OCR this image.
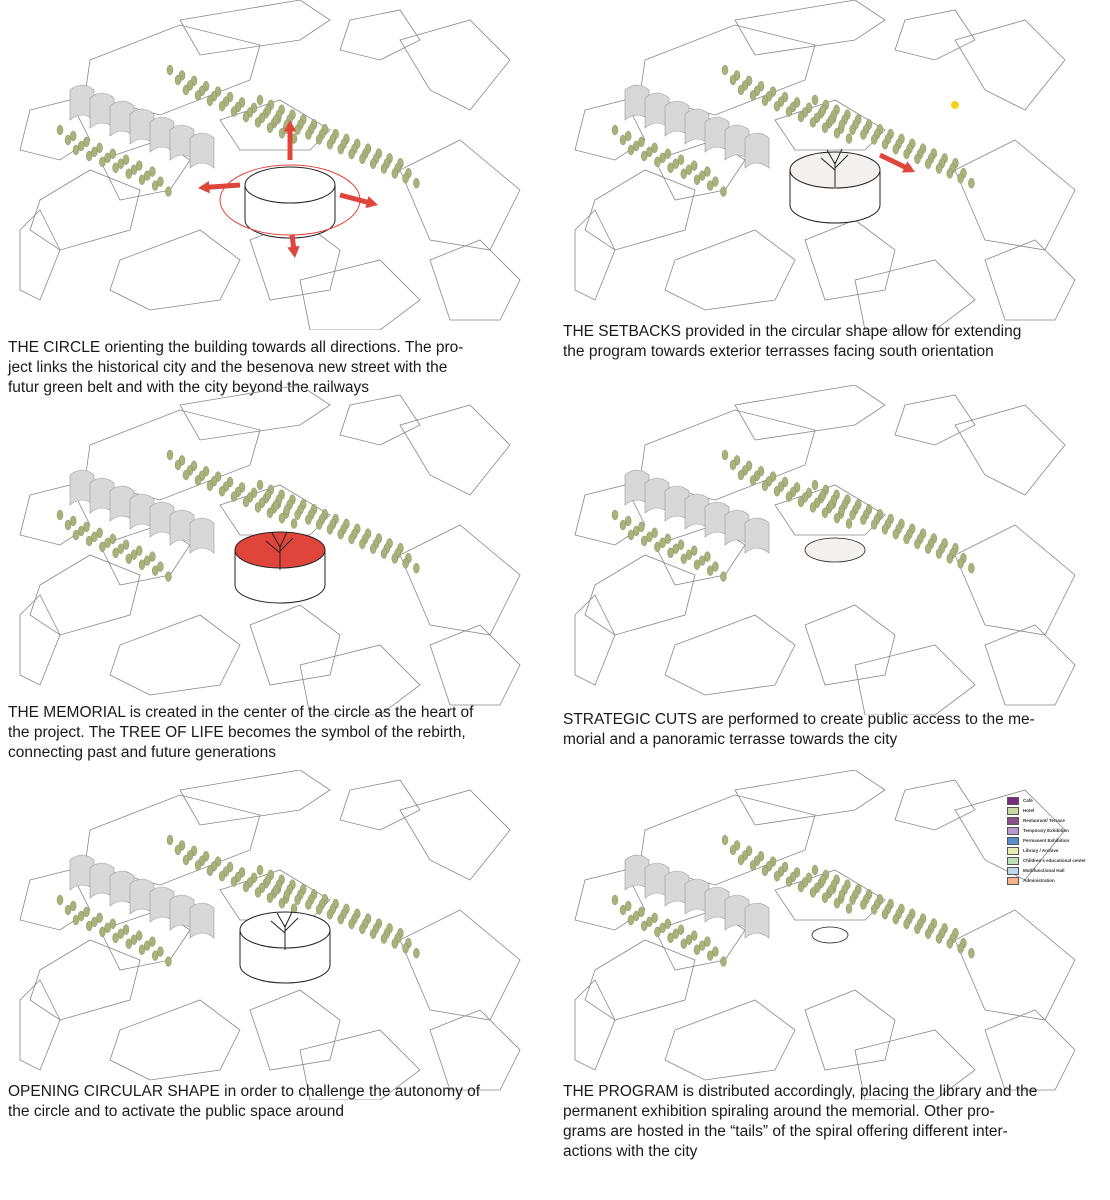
THE CIRCLE orienting the building towards all directions. The pro-
ject links the historical city and the besenova new street with the
futur green belt and with the city beyond the railways
THE SETBACKS provided in the circular shape allow for extending
the program towards exterior terrasses facing south orientation
THE MEMORIAL is created in the center of the circle as the heart of
the project. The TREE OF LIFE becomes the symbol of the rebirth,
connecting past and future generations
STRATEGIC CUTS are performed to create public access to the me-
morial and a panoramic terrasse towards the city
OPENING CIRCULAR SHAPE in order to challenge the autonomy of
the circle and to activate the public space around
Café
Hotel
Restaurant/ Terrace
Temporary Exhibition
Permanent Exhibition
Library / Archive
Children's educational center
Multifunctional Hall
Administration
THE PROGRAM is distributed accordingly, placing the library and the
permanent exhibition spiraling around the memorial. Other pro-
grams are hosted in the “tails” of the spiral offering different inter-
actions with the city
